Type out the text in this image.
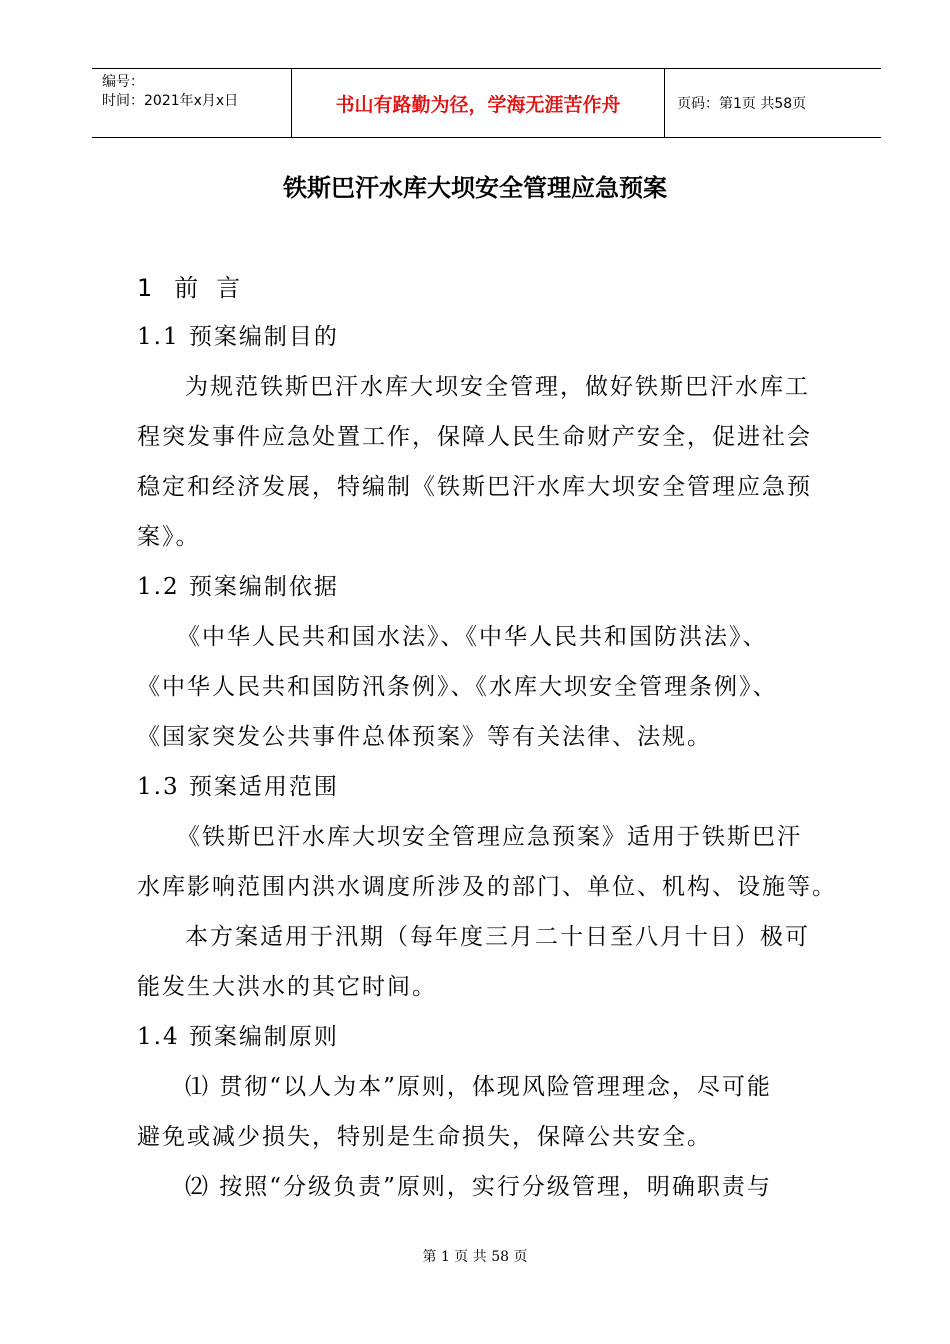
编号：
时间：2021年x月x日	书山有路勤为径，学海无涯苦作舟	页码：第1页 共58页
铁斯巴汗水库大坝安全管理应急预案
1 前言
1.1 预案编制目的
为规范铁斯巴汗水库大坝安全管理，做好铁斯巴汗水库工
程突发事件应急处置工作，保障人民生命财产安全，促进社会
稳定和经济发展，特编制《铁斯巴汗水库大坝安全管理应急预
案》。
1.2 预案编制依据
《中华人民共和国水法》、《中华人民共和国防洪法》、
《中华人民共和国防汛条例》、《水库大坝安全管理条例》、
《国家突发公共事件总体预案》等有关法律、法规。
1.3 预案适用范围
《铁斯巴汗水库大坝安全管理应急预案》适用于铁斯巴汗
水库影响范围内洪水调度所涉及的部门、单位、机构、设施等。
本方案适用于汛期（每年度三月二十日至八月十日）极可
能发生大洪水的其它时间。
1.4 预案编制原则
⑴ 贯彻“以人为本”原则，体现风险管理理念，尽可能
避免或减少损失，特别是生命损失，保障公共安全。
⑵ 按照“分级负责”原则，实行分级管理，明确职责与
第 1 页 共 58 页
